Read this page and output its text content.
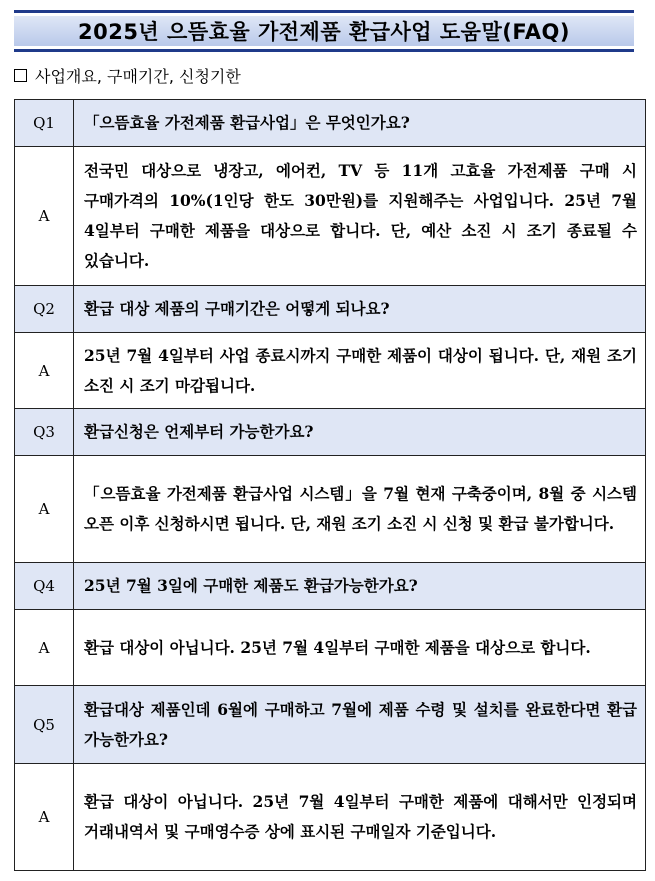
2025년 으뜸효율 가전제품 환급사업 도움말(FAQ)
사업개요, 구매기간, 신청기한
Q1	「으뜸효율 가전제품 환급사업」은 무엇인가요?
A	전국민 대상으로 냉장고, 에어컨, TV 등 11개 고효율 가전제품 구매 시 구매가격의 10%(1인당 한도 30만원)를 지원해주는 사업입니다. 25년 7월 4일부터 구매한 제품을 대상으로 합니다. 단, 예산 소진 시 조기 종료될 수 있습니다.
Q2	환급 대상 제품의 구매기간은 어떻게 되나요?
A	25년 7월 4일부터 사업 종료시까지 구매한 제품이 대상이 됩니다. 단, 재원 조기 소진 시 조기 마감됩니다.
Q3	환급신청은 언제부터 가능한가요?
A	「으뜸효율 가전제품 환급사업 시스템」을 7월 현재 구축중이며, 8월 중 시스템 오픈 이후 신청하시면 됩니다. 단, 재원 조기 소진 시 신청 및 환급 불가합니다.
Q4	25년 7월 3일에 구매한 제품도 환급가능한가요?
A	환급 대상이 아닙니다. 25년 7월 4일부터 구매한 제품을 대상으로 합니다.
Q5	환급대상 제품인데 6월에 구매하고 7월에 제품 수령 및 설치를 완료한다면 환급 가능한가요?
A	환급 대상이 아닙니다. 25년 7월 4일부터 구매한 제품에 대해서만 인정되며 거래내역서 및 구매영수증 상에 표시된 구매일자 기준입니다.
